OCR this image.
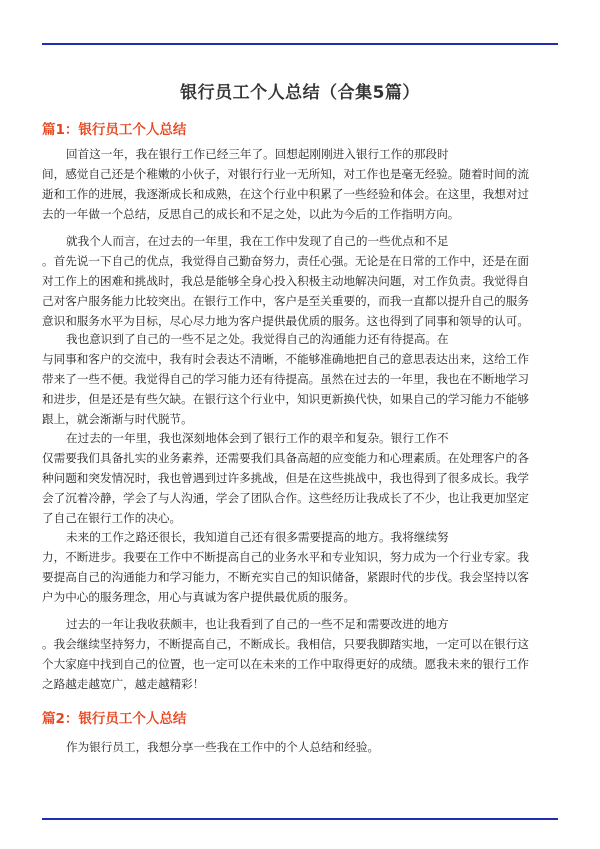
银行员工个人总结（合集5篇）
篇1：银行员工个人总结

回首这一年，我在银行工作已经三年了。回想起刚刚进入银行工作的那段时
间，感觉自己还是个稚嫩的小伙子，对银行行业一无所知，对工作也是毫无经验。随着时间的流
逝和工作的进展，我逐渐成长和成熟，在这个行业中积累了一些经验和体会。在这里，我想对过
去的一年做一个总结，反思自己的成长和不足之处，以此为今后的工作指明方向。

就我个人而言，在过去的一年里，我在工作中发现了自己的一些优点和不足
。首先说一下自己的优点，我觉得自己勤奋努力，责任心强。无论是在日常的工作中，还是在面
对工作上的困难和挑战时，我总是能够全身心投入积极主动地解决问题，对工作负责。我觉得自
己对客户服务能力比较突出。在银行工作中，客户是至关重要的，而我一直都以提升自己的服务
意识和服务水平为目标，尽心尽力地为客户提供最优质的服务。这也得到了同事和领导的认可。

我也意识到了自己的一些不足之处。我觉得自己的沟通能力还有待提高。在
与同事和客户的交流中，我有时会表达不清晰，不能够准确地把自己的意思表达出来，这给工作
带来了一些不便。我觉得自己的学习能力还有待提高。虽然在过去的一年里，我也在不断地学习
和进步，但是还是有些欠缺。在银行这个行业中，知识更新换代快，如果自己的学习能力不能够
跟上，就会渐渐与时代脱节。

在过去的一年里，我也深刻地体会到了银行工作的艰辛和复杂。银行工作不
仅需要我们具备扎实的业务素养，还需要我们具备高超的应变能力和心理素质。在处理客户的各
种问题和突发情况时，我也曾遇到过许多挑战，但是在这些挑战中，我也得到了很多成长。我学
会了沉着冷静，学会了与人沟通，学会了团队合作。这些经历让我成长了不少，也让我更加坚定
了自己在银行工作的决心。

未来的工作之路还很长，我知道自己还有很多需要提高的地方。我将继续努
力，不断进步。我要在工作中不断提高自己的业务水平和专业知识，努力成为一个行业专家。我
要提高自己的沟通能力和学习能力，不断充实自己的知识储备，紧跟时代的步伐。我会坚持以客
户为中心的服务理念，用心与真诚为客户提供最优质的服务。

过去的一年让我收获颇丰，也让我看到了自己的一些不足和需要改进的地方
。我会继续坚持努力，不断提高自己，不断成长。我相信，只要我脚踏实地，一定可以在银行这
个大家庭中找到自己的位置，也一定可以在未来的工作中取得更好的成绩。愿我未来的银行工作
之路越走越宽广，越走越精彩！

篇2：银行员工个人总结

作为银行员工，我想分享一些我在工作中的个人总结和经验。
